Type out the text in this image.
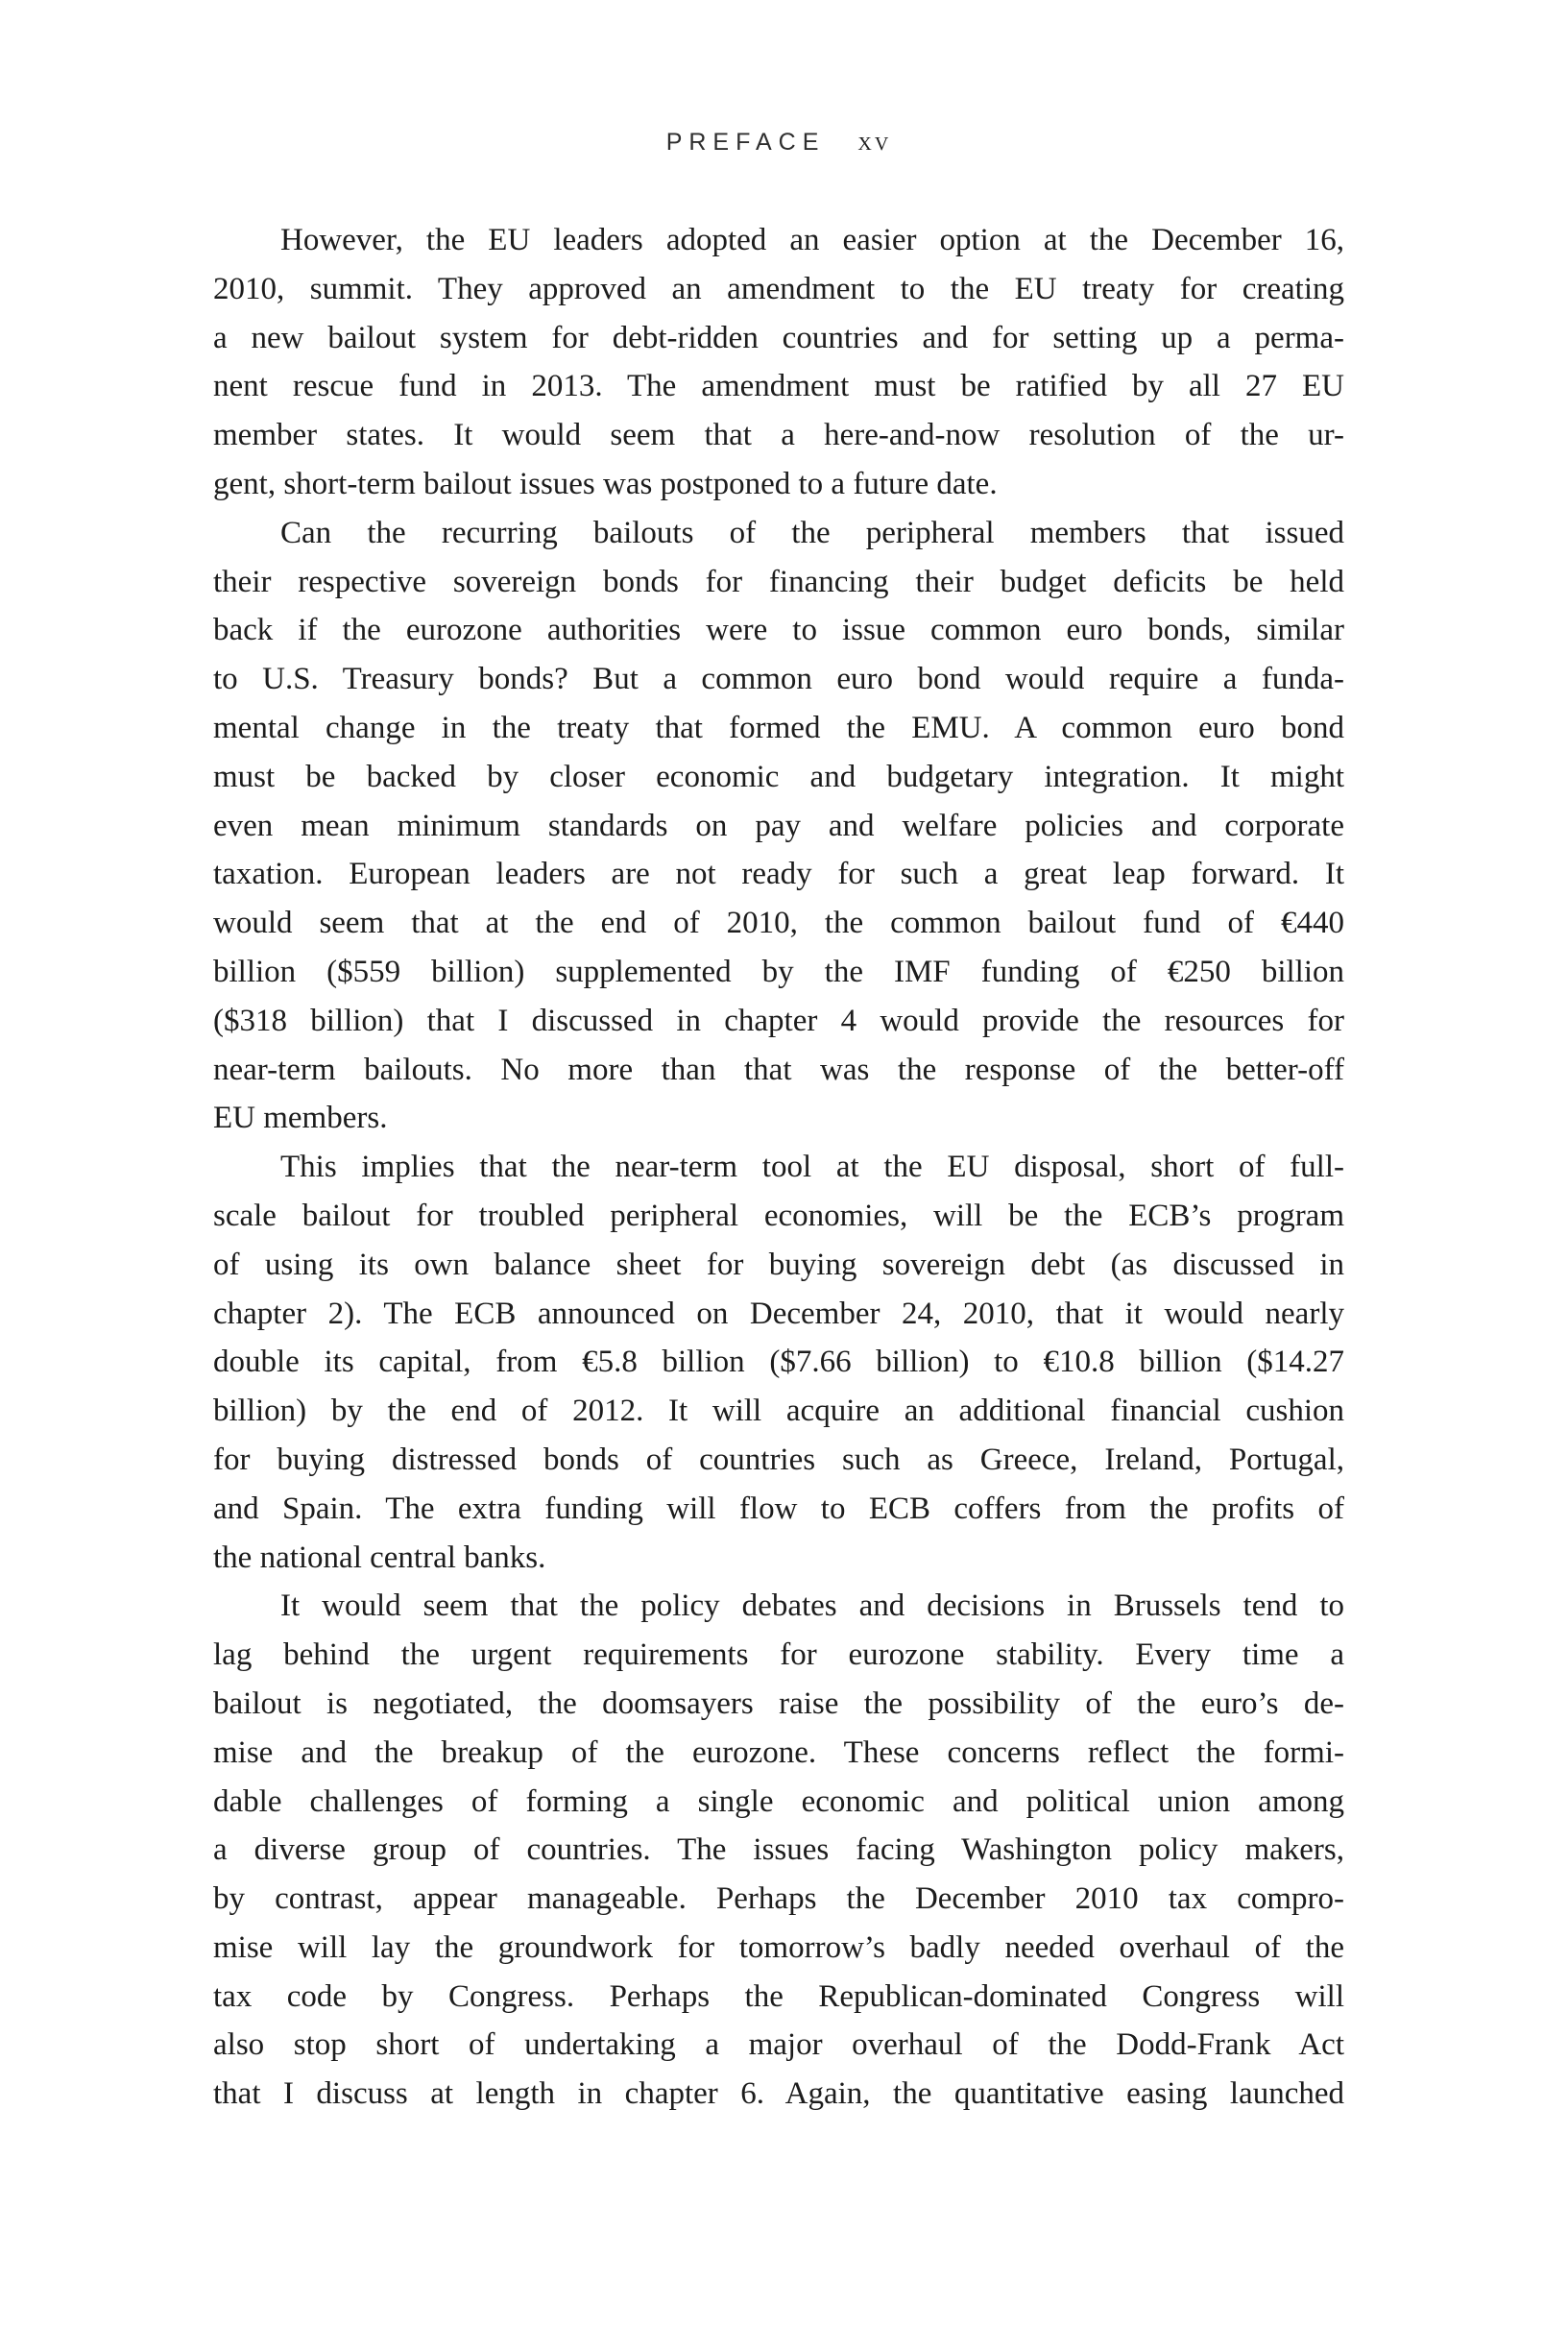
PREFACE xv
However, the EU leaders adopted an easier option at the December 16,
2010, summit. They approved an amendment to the EU treaty for creating
a new bailout system for debt-ridden countries and for setting up a perma-
nent rescue fund in 2013. The amendment must be ratified by all 27 EU
member states. It would seem that a here-and-now resolution of the ur-
gent, short-term bailout issues was postponed to a future date.
Can the recurring bailouts of the peripheral members that issued
their respective sovereign bonds for financing their budget deficits be held
back if the eurozone authorities were to issue common euro bonds, similar
to U.S. Treasury bonds? But a common euro bond would require a funda-
mental change in the treaty that formed the EMU. A common euro bond
must be backed by closer economic and budgetary integration. It might
even mean minimum standards on pay and welfare policies and corporate
taxation. European leaders are not ready for such a great leap forward. It
would seem that at the end of 2010, the common bailout fund of €440
billion ($559 billion) supplemented by the IMF funding of €250 billion
($318 billion) that I discussed in chapter 4 would provide the resources for
near-term bailouts. No more than that was the response of the better-off
EU members.
This implies that the near-term tool at the EU disposal, short of full-
scale bailout for troubled peripheral economies, will be the ECB’s program
of using its own balance sheet for buying sovereign debt (as discussed in
chapter 2). The ECB announced on December 24, 2010, that it would nearly
double its capital, from €5.8 billion ($7.66 billion) to €10.8 billion ($14.27
billion) by the end of 2012. It will acquire an additional financial cushion
for buying distressed bonds of countries such as Greece, Ireland, Portugal,
and Spain. The extra funding will flow to ECB coffers from the profits of
the national central banks.
It would seem that the policy debates and decisions in Brussels tend to
lag behind the urgent requirements for eurozone stability. Every time a
bailout is negotiated, the doomsayers raise the possibility of the euro’s de-
mise and the breakup of the eurozone. These concerns reflect the formi-
dable challenges of forming a single economic and political union among
a diverse group of countries. The issues facing Washington policy makers,
by contrast, appear manageable. Perhaps the December 2010 tax compro-
mise will lay the groundwork for tomorrow’s badly needed overhaul of the
tax code by Congress. Perhaps the Republican-dominated Congress will
also stop short of undertaking a major overhaul of the Dodd-Frank Act
that I discuss at length in chapter 6. Again, the quantitative easing launched
